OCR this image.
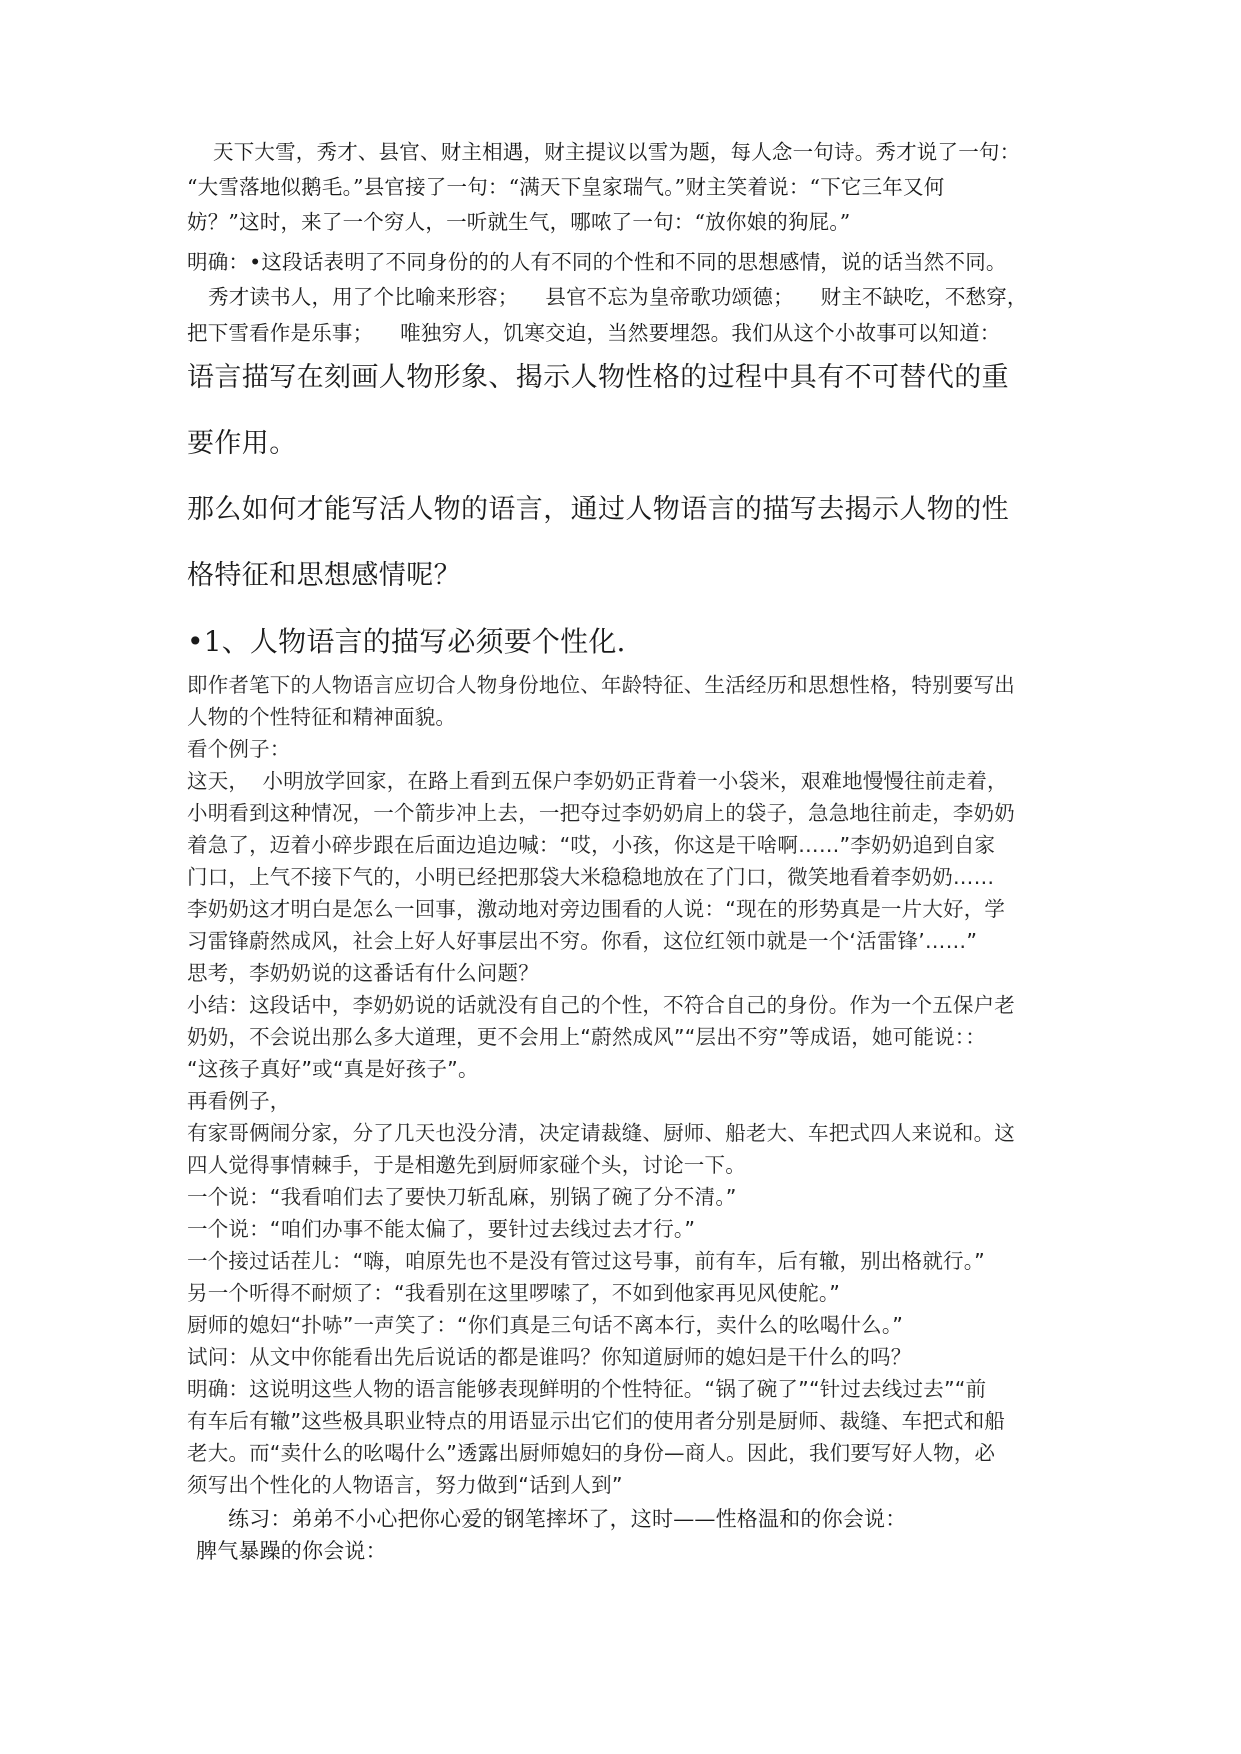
天下大雪，秀才、县官、财主相遇，财主提议以雪为题，每人念一句诗。秀才说了一句：

“大雪落地似鹅毛。”县官接了一句：“满天下皇家瑞气。”财主笑着说：“下它三年又何

妨？”这时，来了一个穷人，一听就生气，哪哝了一句：“放你娘的狗屁。”

明确：•这段话表明了不同身份的的人有不同的个性和不同的思想感情，说的话当然不同。

秀才读书人，用了个比喻来形容；    县官不忘为皇帝歌功颂德；    财主不缺吃，不愁穿，

把下雪看作是乐事；    唯独穷人，饥寒交迫，当然要埋怨。我们从这个小故事可以知道：

语言描写在刻画人物形象、揭示人物性格的过程中具有不可替代的重

要作用。

那么如何才能写活人物的语言，通过人物语言的描写去揭示人物的性

格特征和思想感情呢？

•1、人物语言的描写必须要个性化.

即作者笔下的人物语言应切合人物身份地位、年龄特征、生活经历和思想性格，特别要写出

人物的个性特征和精神面貌。

看个例子：

这天，  小明放学回家，在路上看到五保户李奶奶正背着一小袋米，艰难地慢慢往前走着，

小明看到这种情况，一个箭步冲上去，一把夺过李奶奶肩上的袋子，急急地往前走，李奶奶

着急了，迈着小碎步跟在后面边追边喊：“哎，小孩，你这是干啥啊……”李奶奶追到自家

门口，上气不接下气的，小明已经把那袋大米稳稳地放在了门口，微笑地看着李奶奶……

李奶奶这才明白是怎么一回事，激动地对旁边围看的人说：“现在的形势真是一片大好，学

习雷锋蔚然成风，社会上好人好事层出不穷。你看，这位红领巾就是一个‘活雷锋’……”

思考，李奶奶说的这番话有什么问题？

小结：这段话中，李奶奶说的话就没有自己的个性，不符合自己的身份。作为一个五保户老

奶奶，不会说出那么多大道理，更不会用上“蔚然成风”“层出不穷”等成语，她可能说：：

“这孩子真好”或“真是好孩子”。

再看例子，

有家哥俩闹分家，分了几天也没分清，决定请裁缝、厨师、船老大、车把式四人来说和。这

四人觉得事情棘手，于是相邀先到厨师家碰个头，讨论一下。

一个说：“我看咱们去了要快刀斩乱麻，别锅了碗了分不清。”

一个说：“咱们办事不能太偏了，要针过去线过去才行。”

一个接过话茬儿：“嗨，咱原先也不是没有管过这号事，前有车，后有辙，别出格就行。”

另一个听得不耐烦了：“我看别在这里啰嗦了，不如到他家再见风使舵。”

厨师的媳妇“扑哧”一声笑了：“你们真是三句话不离本行，卖什么的吆喝什么。”

试问：从文中你能看出先后说话的都是谁吗？你知道厨师的媳妇是干什么的吗？

明确：这说明这些人物的语言能够表现鲜明的个性特征。“锅了碗了”“针过去线过去”“前

有车后有辙”这些极具职业特点的用语显示出它们的使用者分别是厨师、裁缝、车把式和船

老大。而“卖什么的吆喝什么”透露出厨师媳妇的身份—商人。因此，我们要写好人物，必

须写出个性化的人物语言，努力做到“话到人到”

练习：弟弟不小心把你心爱的钢笔摔坏了，这时——性格温和的你会说：

脾气暴躁的你会说：
